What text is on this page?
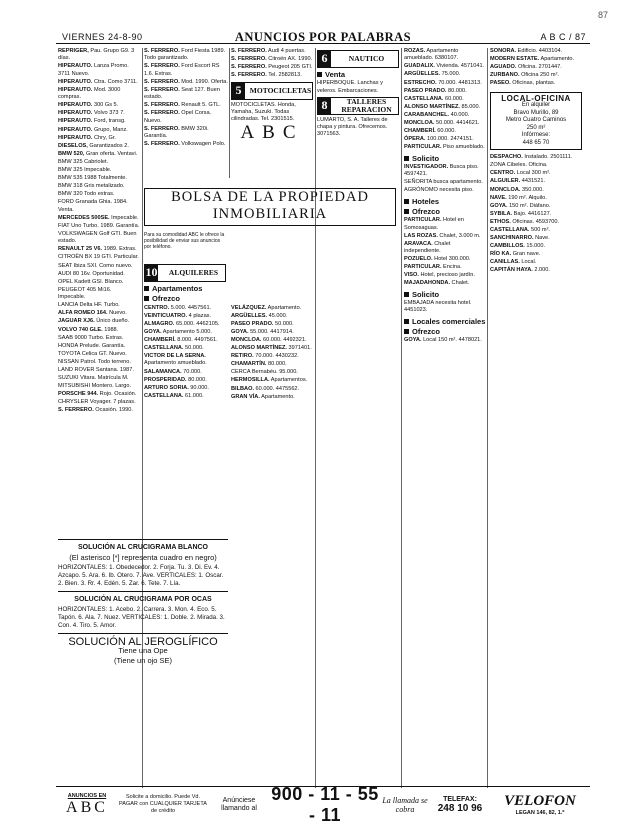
87
VIERNES 24-8-90	ANUNCIOS POR PALABRAS	A B C / 87

REPRIGER, Pau. Grupo G9. 3 días.

HIPERAUTO. Lanza Promo. 3711 Nuevo.

HIPERAUTO. Ctra. Como 3711.

HIPERAUTO. Mod. 3000 compras.

HIPERAUTO. 300 Gs 5.

HIPERAUTO. Volvo 373 7.

HIPERAUTO. Ford, transg.

HIPERAUTO. Grupo, Manz.

HIPERAUTO. Chry, Gr.

DIESELOS, Garantizados 2.

BMW 520, Gran oferta. Ventavi.

BMW 325 Cabriolet.

BMW 325 Impecable.

BMW 535 1988 Totalmente.

BMW 318 Gris metalizado.

BMW 320 Todo extras.

FORD Granada Ghia. 1984. Venta.

MERCEDES 500SE. Impecable.

FIAT Uno Turbo. 1989. Garantía.

VOLKSWAGEN Golf GTI. Buen estado.

RENAULT 25 V6. 1989. Extras.

CITROËN BX 19 GTI. Particular.

SEAT Ibiza SXI. Como nuevo.

AUDI 80 16v. Oportunidad.

OPEL Kadett GSI. Blanco.

PEUGEOT 405 Mi16. Impecable.

LANCIA Delta HF. Turbo.

ALFA ROMEO 164. Nuevo.

JAGUAR XJ6. Único dueño.

VOLVO 740 GLE. 1988.

SAAB 9000 Turbo. Extras.

HONDA Prelude. Garantía.

TOYOTA Celica GT. Nuevo.

NISSAN Patrol. Todo terreno.

LAND ROVER Santana. 1987.

SUZUKI Vitara. Matrícula M.

MITSUBISHI Montero. Largo.

PORSCHE 944. Rojo. Ocasión.

CHRYSLER Voyager. 7 plazas.

S. FERRERO. Ocasión. 1990.

S. FERRERO. Ford Fiesta 1989. Todo garantizado.

S. FERRERO. Ford Escort RS 1.6. Extras.

S. FERRERO. Mod. 1990. Oferta.

S. FERRERO. Seat 127. Buen estado.

S. FERRERO. Renault 5. GTL.

S. FERRERO. Opel Corsa. Nuevo.

S. FERRERO. BMW 320i. Garantía.

S. FERRERO. Volkswagen Polo.

S. FERRERO. Audi 4 puertas.

S. FERRERO. Citroën AX. 1990.

S. FERRERO. Peugeot 205 GTI.

S. FERRERO. Tel. 2582813.

5	MOTOCICLETAS

MOTOCICLETAS. Honda, Yamaha, Suzuki. Todas cilindradas. Tel. 2301515.

ABC
BOLSA DE LA PROPIEDAD
INMOBILIARIA
Para su comodidad ABC le ofrece la posibilidad de enviar sus anuncios por teléfono.
10	ALQUILERES
Apartamentos
Ofrezco

CENTRO. 5.000. 4457561.

VEINTICUATRO. 4 plazas.

ALMAGRO. 65.000. 4462105.

GOYA. Apartamento 5.000.

CHAMBERÍ. 8.000. 4497561.

CASTELLANA. 50.000.

VICTOR DE LA SERNA. Apartamento amueblado.

SALAMANCA. 70.000.

PROSPERIDAD. 80.000.

ARTURO SORIA. 90.000.

CASTELLANA. 61.000.

VELÁZQUEZ. Apartamento.

ARGÜELLES. 45.000.

PASEO PRADO. 50.000.

GOYA. 55.000. 4417914.

MONCLOA. 60.000. 4492321.

ALONSO MARTÍNEZ. 3971401.

RETIRO. 70.000. 4430232.

CHAMARTÍN. 80.000.

CERCA Bernabéu. 95.000.

HERMOSILLA. Apartamentos.

BILBAO. 60.000. 4475562.

GRAN VÍA. Apartamento.

6	NAUTICO
Venta

HIPERBOQUE. Lanchas y veleros. Embarcaciones.

8	TALLERES REPARACION

LUMARTO, S. A. Talleres de chapa y pintura. Ofrecemos. 3071563.

ROZAS. Apartamento amueblado. 6380107.

GUADALIX. Vivienda. 4571041.

ARGÜELLES. 75.000.

ESTRECHO. 70.000. 4481313.

PASEO PRADO. 80.000.

CASTELLANA. 60.000.

ALONSO MARTÍNEZ. 85.000.

CARABANCHEL. 40.000.

MONCLOA. 50.000. 4414621.

CHAMBERÍ. 60.000.

ÓPERA. 100.000. 2474151.

PARTICULAR. Piso amueblado.

Solicito

INVESTIGADOR. Busca piso. 4597421.

SEÑORITA busca apartamento.

AGRÓNOMO necesita piso.

Hoteles
Ofrezco

PARTICULAR. Hotel en Somosaguas.

LAS ROZAS. Chalet, 3.000 m.

ARAVACA. Chalet independiente.

POZUELO. Hotel 300.000.

PARTICULAR. Encina.

VISO. Hotel, precioso jardín.

MAJADAHONDA. Chalet.

Solicito

EMBAJADA necesita hotel. 4451023.

Locales comerciales
Ofrezco

GOYA. Local 150 m². 4478021.

SONORA. Edificio. 4403104.

MODERN ESTATE. Apartamento.

AGUADO. Oficina. 2701447.

ZURBANO. Oficina 250 m².

PASEO. Oficinas, plantas.

LOCAL-OFICINA
En alquiler
Bravo Murillo, 89
Metro Cuatro Caminos
250 m²
Infórmese:
448 65 70

DESPACHO. Instalado. 2501111.

ZONA Cibeles. Oficina.

CENTRO. Local 300 m².

ALGUILER. 4431521.

MONCLOA. 350.000.

NAVE. 190 m². Alquilo.

GOYA. 150 m². Diáfano.

SYBILA. Bajo. 4416127.

ETHOS. Oficinas. 4593700.

CASTELLANA. 500 m².

SANCHINARRO. Nave.

CAMBILLOS. 15.000.

RÍO KA. Gran nave.

CANILLAS. Local.

CAPITÁN HAYA. 2.000.

SOLUCIÓN AL CRUCIGRAMA BLANCO
(El asterisco [*] representa cuadro en negro)

HORIZONTALES: 1. Obedecedor. 2. Forja. Tu. 3. Di. Ev. 4. Azcapo. 5. Ara. 6. Ib. Otero. 7. Ave. VERTICALES: 1. Oscar. 2. Bien. 3. Rr. 4. Edén. 5. Zar. 6. Tete. 7. Lía.

SOLUCIÓN AL CRUCIGRAMA POR OCAS

HORIZONTALES: 1. Acebo. 2. Carrera. 3. Mon. 4. Eco. 5. Tapón. 6. Ala. 7. Nuez. VERTICALES: 1. Doble. 2. Mirada. 3. Con. 4. Tiro. 5. Amor.

SOLUCIÓN AL JEROGLÍFICO
Tiene una Ope
(Tiene un ojo SE)
ANUNCIOS EN
ABC
Solicite a domicilio. Puede Vd. PAGAR con CUALQUIER TARJETA de crédito
Anúnciese llamando al
900 - 11 - 55 - 11
La llamada se cobra
TELEFAX:
248 10 96	VELOFON
LEGAN 146, 82, 1.º
